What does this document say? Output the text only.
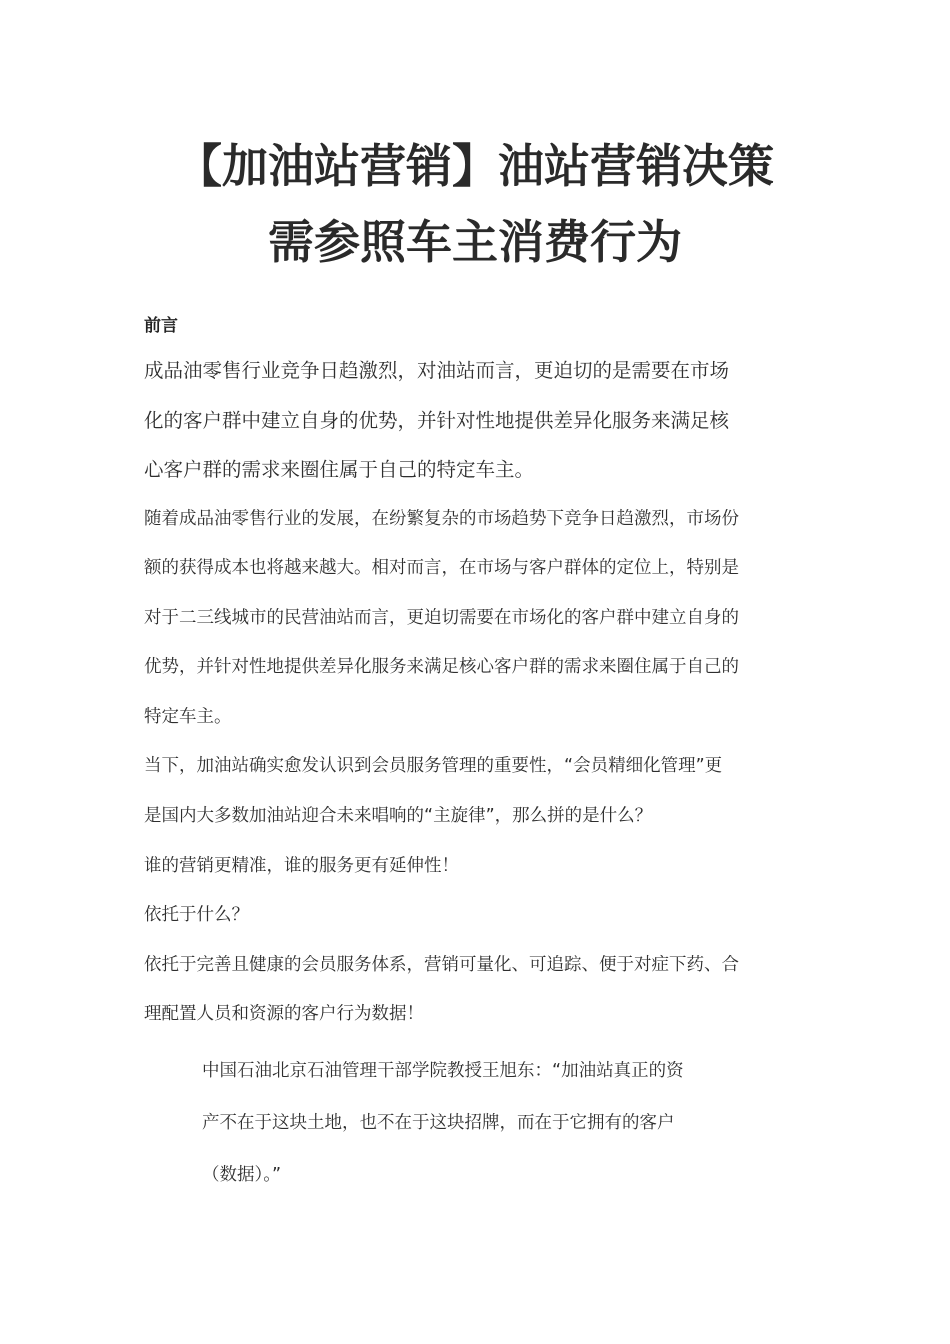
【加油站营销】油站营销决策
需参照车主消费行为
前言
成品油零售行业竞争日趋激烈，对油站而言，更迫切的是需要在市场
化的客户群中建立自身的优势，并针对性地提供差异化服务来满足核
心客户群的需求来圈住属于自己的特定车主。
随着成品油零售行业的发展，在纷繁复杂的市场趋势下竞争日趋激烈，市场份
额的获得成本也将越来越大。相对而言，在市场与客户群体的定位上，特别是
对于二三线城市的民营油站而言，更迫切需要在市场化的客户群中建立自身的
优势，并针对性地提供差异化服务来满足核心客户群的需求来圈住属于自己的
特定车主。
当下，加油站确实愈发认识到会员服务管理的重要性，“会员精细化管理”更
是国内大多数加油站迎合未来唱响的“主旋律”，那么拼的是什么？
谁的营销更精准，谁的服务更有延伸性！
依托于什么？
依托于完善且健康的会员服务体系，营销可量化、可追踪、便于对症下药、合
理配置人员和资源的客户行为数据！
中国石油北京石油管理干部学院教授王旭东：“加油站真正的资
产不在于这块土地，也不在于这块招牌，而在于它拥有的客户
（数据）。”
